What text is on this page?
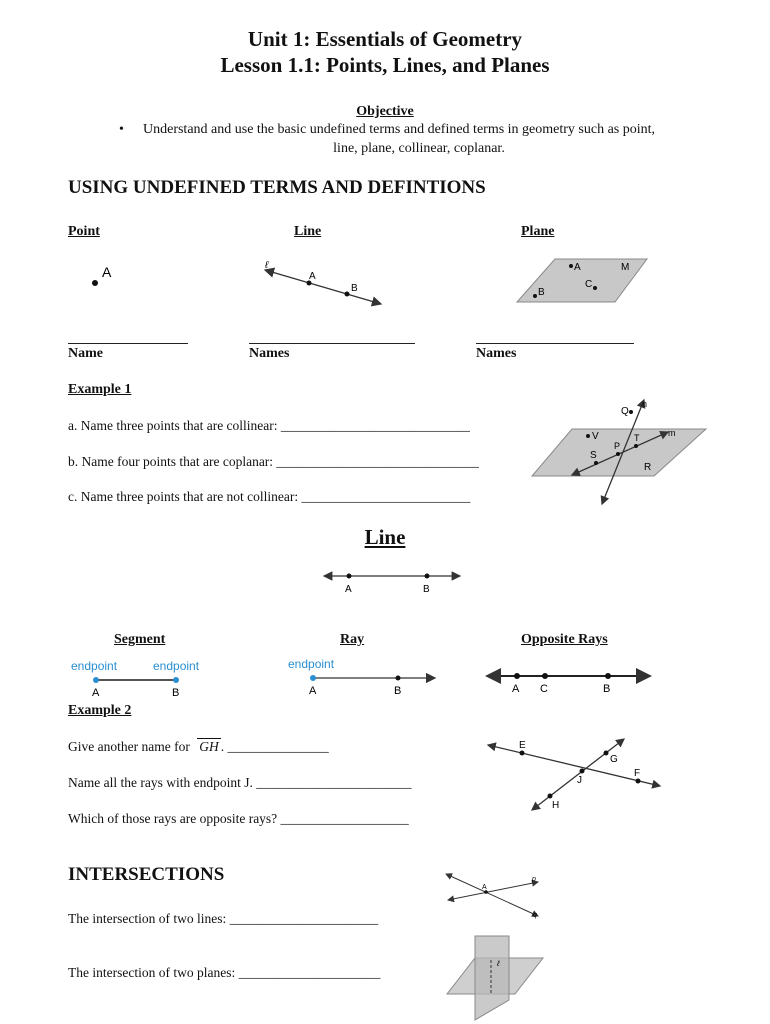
Unit 1: Essentials of Geometry
Lesson 1.1: Points, Lines, and Planes
Objective
• Understand and use the basic undefined terms and defined terms in geometry such as point,
line, plane, collinear, coplanar.
USING UNDEFINED TERMS AND DEFINTIONS
Point	Line	Plane
A	ℓ
A
B
A	M
C
B
Name	Names	Names
Example 1
a. Name three points that are collinear: ____________________________
b. Name four points that are coplanar: ______________________________
c. Name three points that are not collinear: _________________________
Q
n
V	m
P
T
S
R
Line
A	B
Segment	Ray	Opposite Rays
endpoint	endpoint
A	B
endpoint
A	B	A C	B
Example 2
Give another name for GH . _______________
Name all the rays with endpoint J. _______________________
Which of those rays are opposite rays? ___________________
E
G
J
F
H
INTERSECTIONS
The intersection of two lines: ______________________
The intersection of two planes: _____________________
A
p
q
ℓ
